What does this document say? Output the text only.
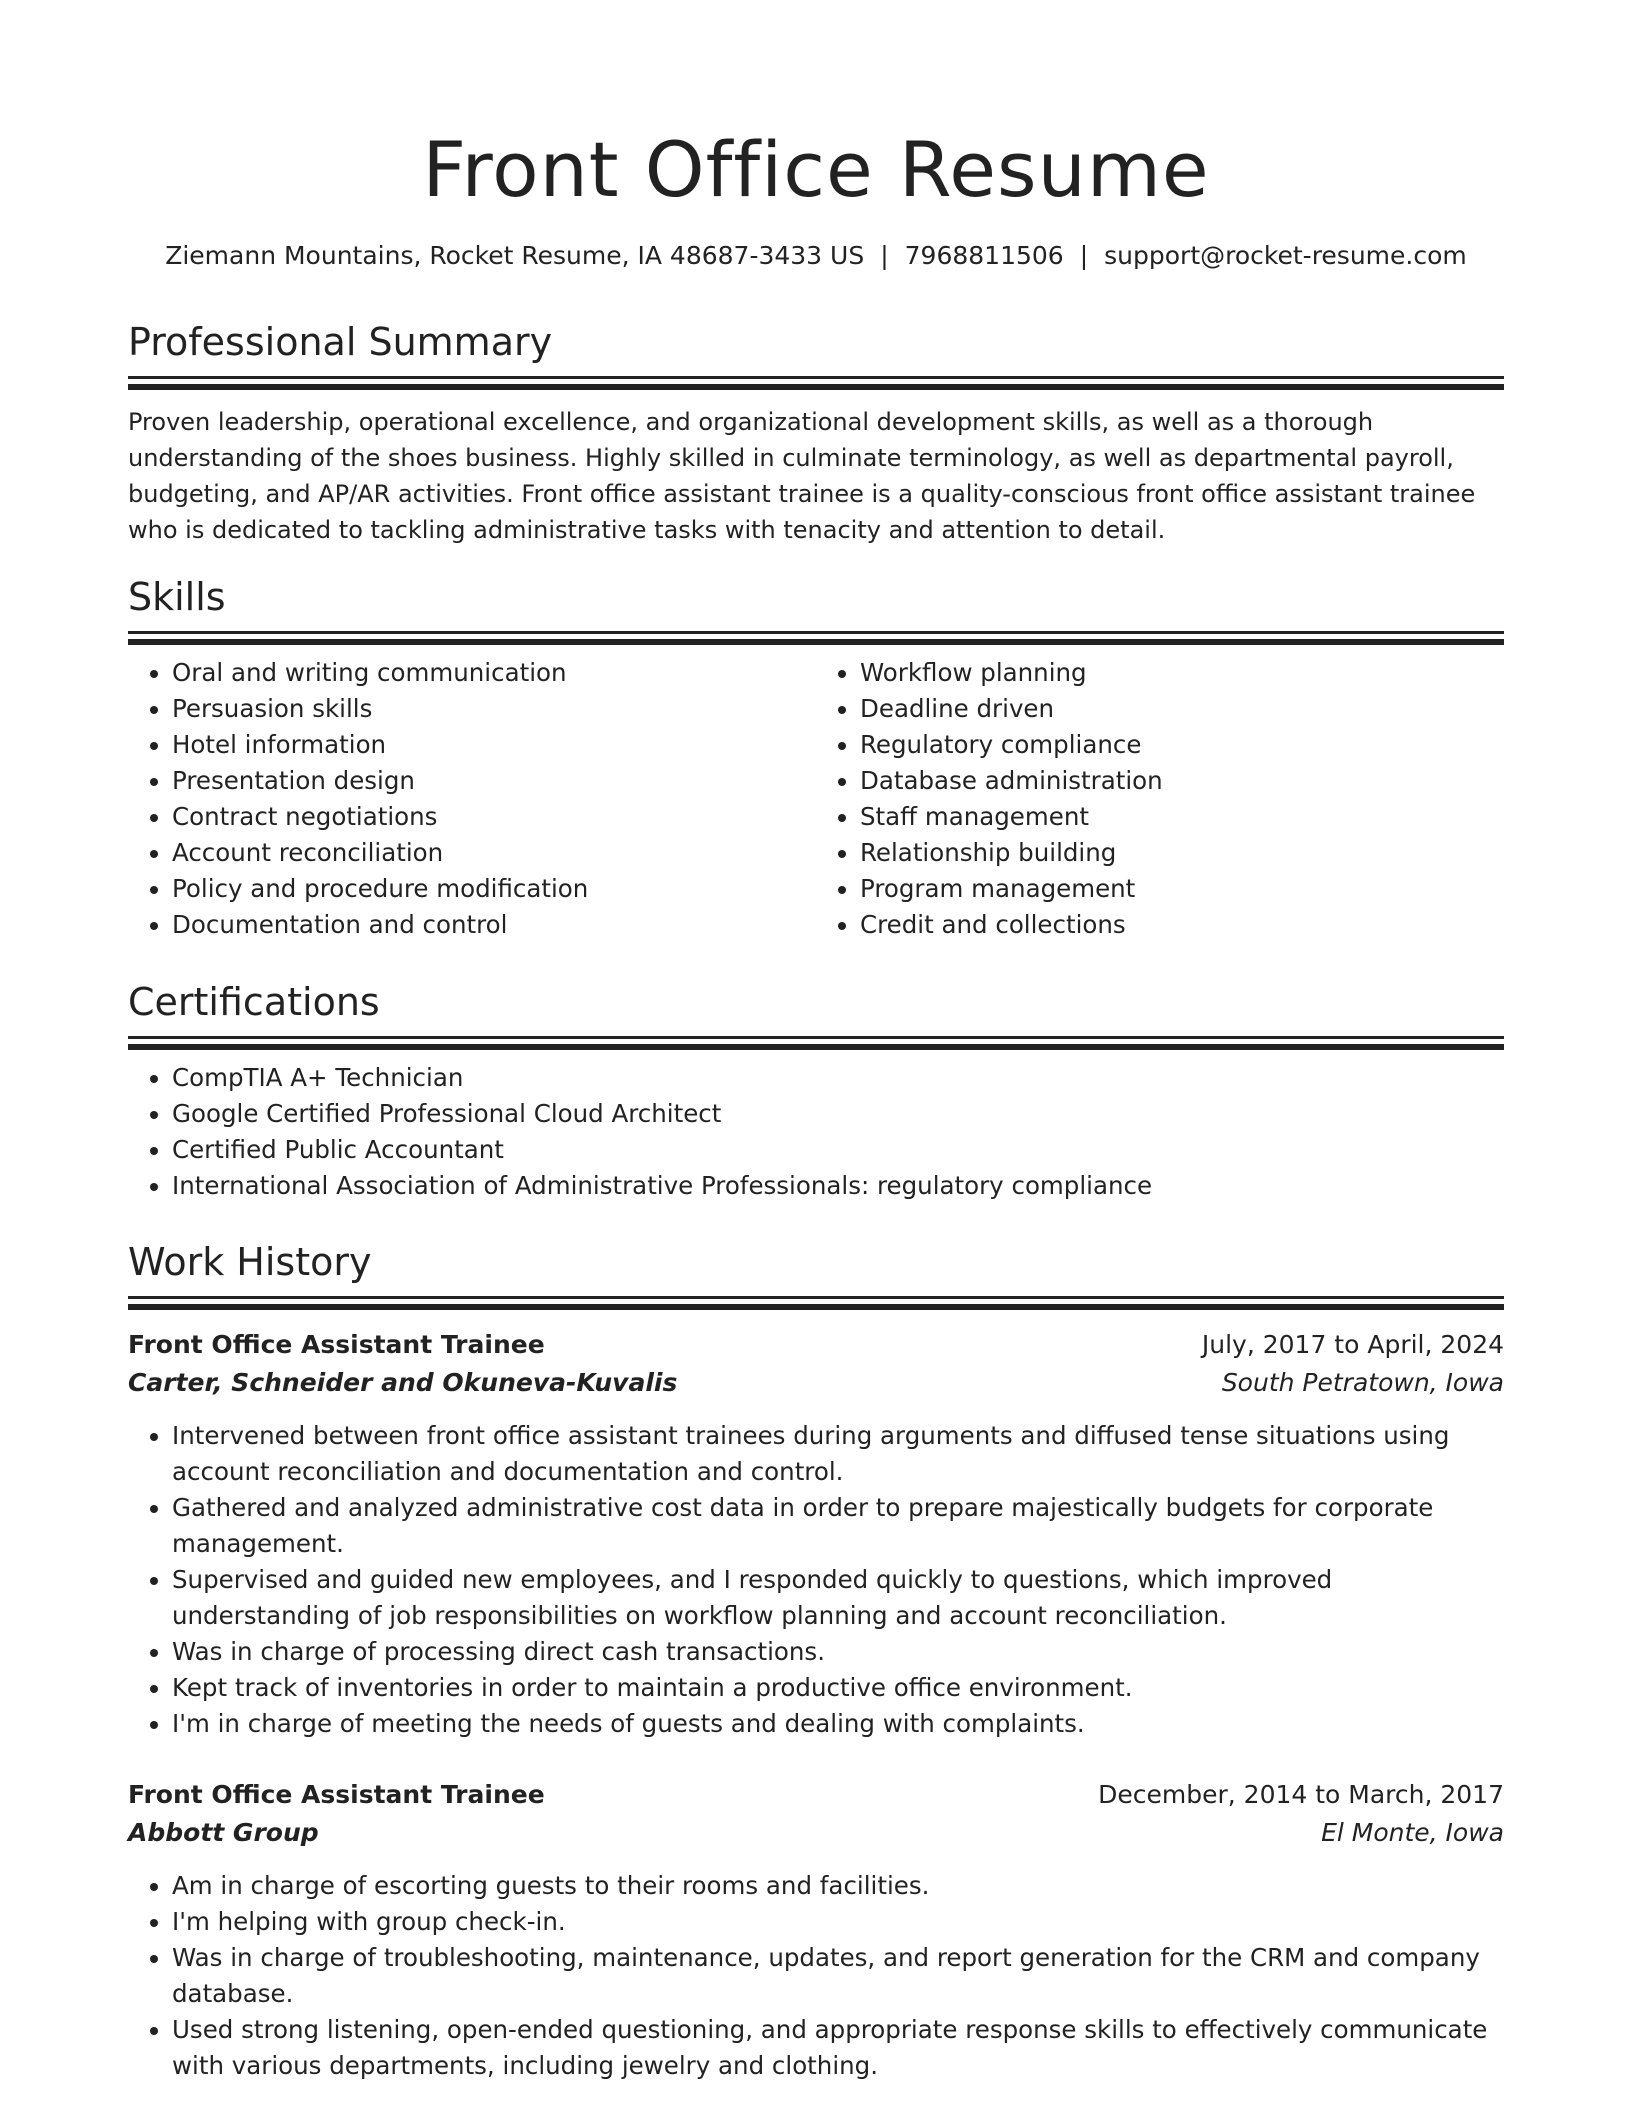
Front Office Resume
Ziemann Mountains, Rocket Resume, IA 48687-3433 US | 7968811506 | support@rocket-resume.com
Professional Summary

Proven leadership, operational excellence, and organizational development skills, as well as a thorough understanding of the shoes business. Highly skilled in culminate terminology, as well as departmental payroll, budgeting, and AP/AR activities. Front office assistant trainee is a quality-conscious front office assistant trainee who is dedicated to tackling administrative tasks with tenacity and attention to detail.

Skills
• Oral and writing communication
• Persuasion skills
• Hotel information
• Presentation design
• Contract negotiations
• Account reconciliation
• Policy and procedure modification
• Documentation and control
• Workflow planning
• Deadline driven
• Regulatory compliance
• Database administration
• Staff management
• Relationship building
• Program management
• Credit and collections
Certifications
• CompTIA A+ Technician
• Google Certified Professional Cloud Architect
• Certified Public Accountant
• International Association of Administrative Professionals: regulatory compliance
Work History
Front Office Assistant Trainee	July, 2017 to April, 2024
Carter, Schneider and Okuneva-Kuvalis	South Petratown, Iowa
• Intervened between front office assistant trainees during arguments and diffused tense situations using account reconciliation and documentation and control.
• Gathered and analyzed administrative cost data in order to prepare majestically budgets for corporate management.
• Supervised and guided new employees, and I responded quickly to questions, which improved understanding of job responsibilities on workflow planning and account reconciliation.
• Was in charge of processing direct cash transactions.
• Kept track of inventories in order to maintain a productive office environment.
• I'm in charge of meeting the needs of guests and dealing with complaints.
Front Office Assistant Trainee	December, 2014 to March, 2017
Abbott Group	El Monte, Iowa
• Am in charge of escorting guests to their rooms and facilities.
• I'm helping with group check-in.
• Was in charge of troubleshooting, maintenance, updates, and report generation for the CRM and company database.
• Used strong listening, open-ended questioning, and appropriate response skills to effectively communicate with various departments, including jewelry and clothing.
